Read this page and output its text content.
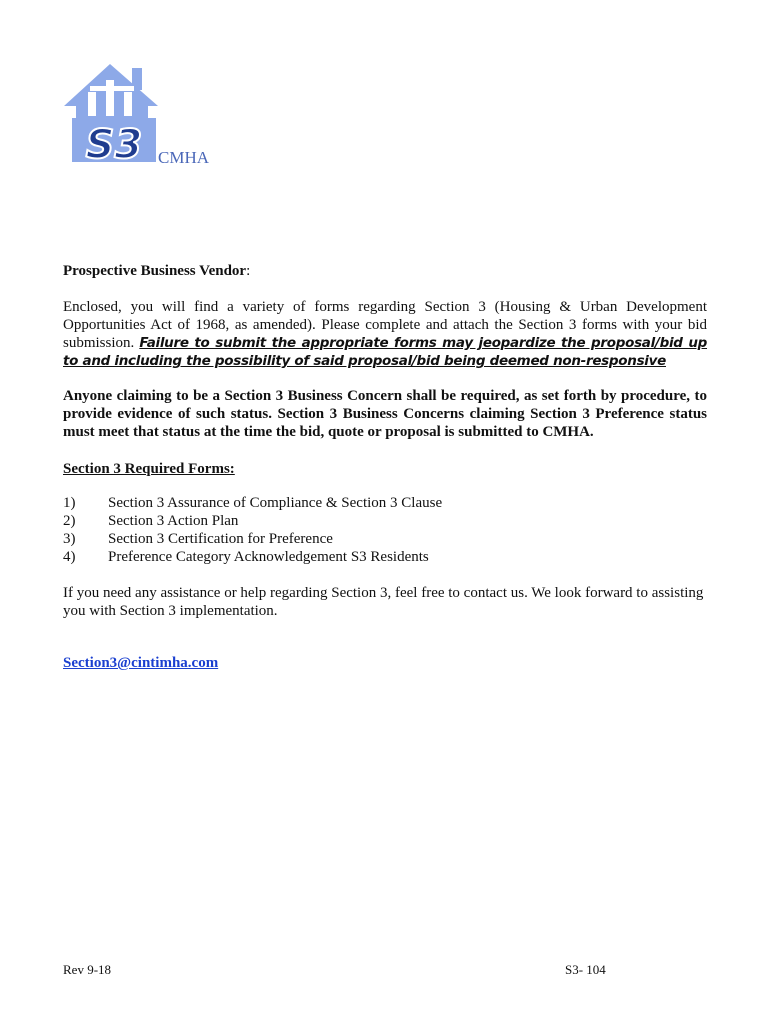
S3 CMHA
Prospective Business Vendor:
Enclosed, you will find a variety of forms regarding Section 3 (Housing & Urban Development Opportunities Act of 1968, as amended). Please complete and attach the Section 3 forms with your bid submission. Failure to submit the appropriate forms may jeopardize the proposal/bid up to and including the possibility of said proposal/bid being deemed non-responsive
Anyone claiming to be a Section 3 Business Concern shall be required, as set forth by procedure, to provide evidence of such status. Section 3 Business Concerns claiming Section 3 Preference status must meet that status at the time the bid, quote or proposal is submitted to CMHA.
Section 3 Required Forms:
1) Section 3 Assurance of Compliance & Section 3 Clause
2) Section 3 Action Plan
3) Section 3 Certification for Preference
4) Preference Category Acknowledgement S3 Residents
If you need any assistance or help regarding Section 3, feel free to contact us. We look forward to assisting you with Section 3 implementation.
Section3@cintimha.com
Rev 9-18	S3- 104
